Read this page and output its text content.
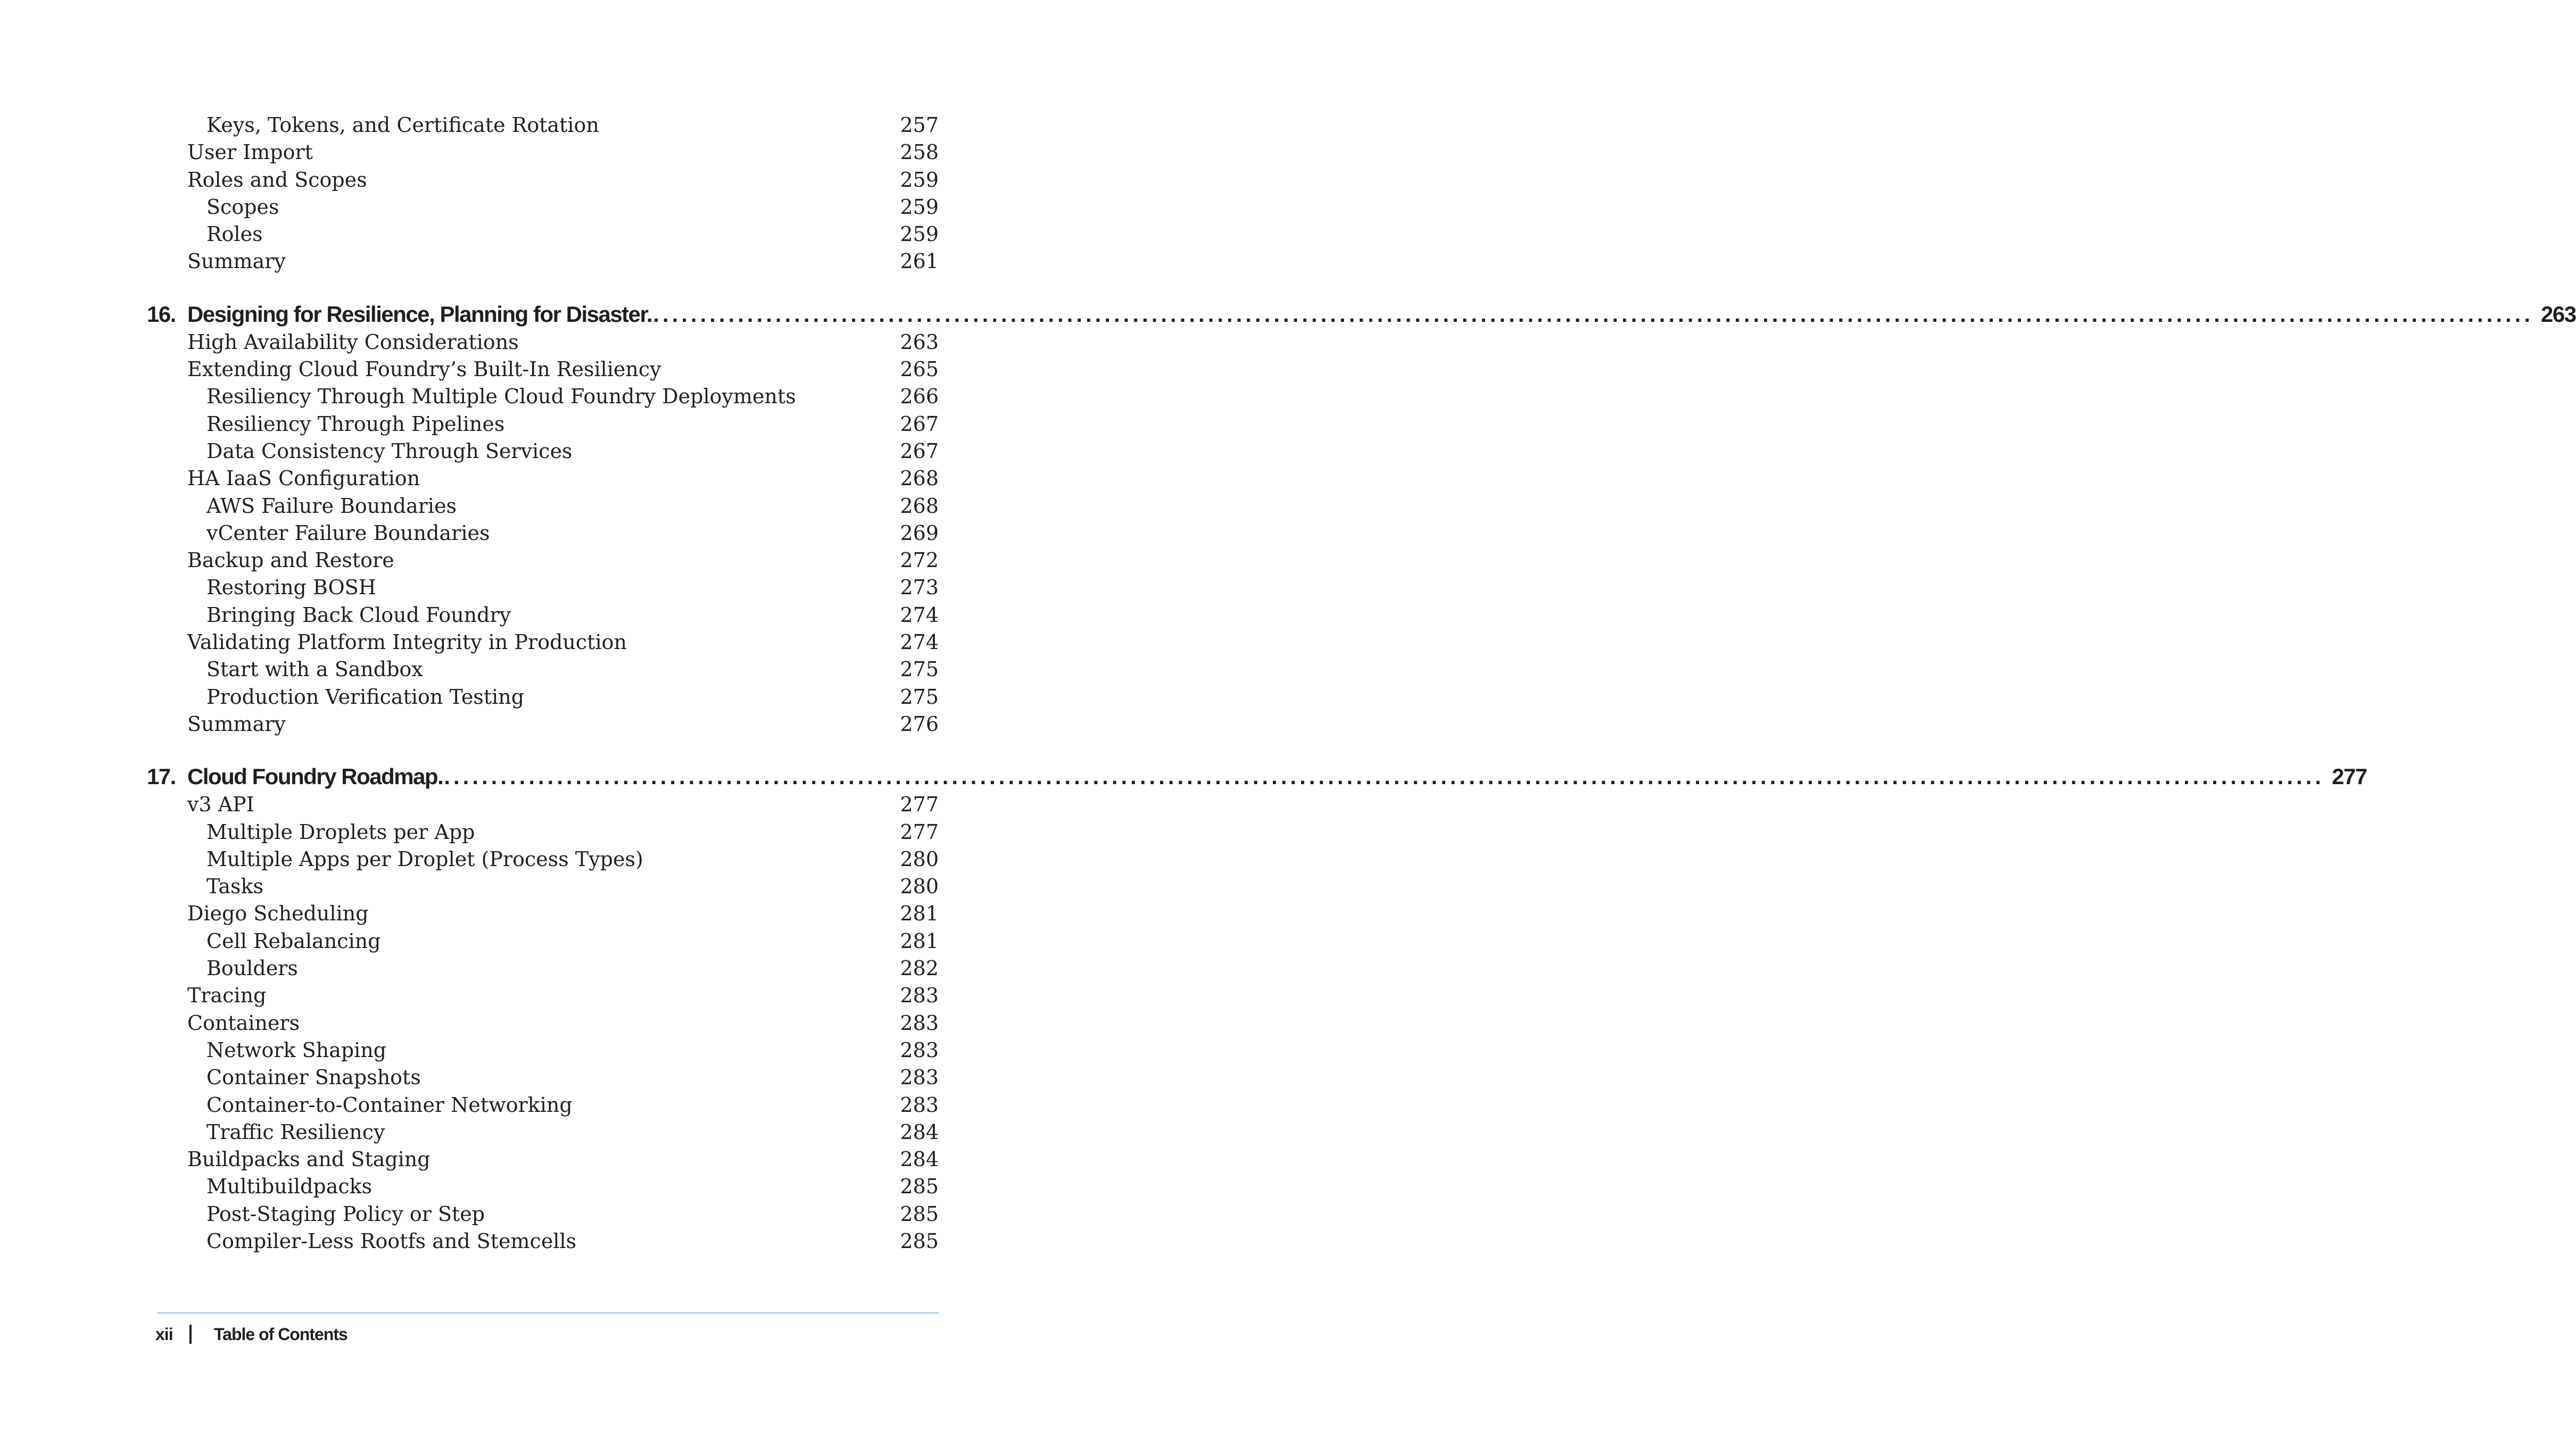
Keys, Tokens, and Certificate Rotation	257
User Import	258
Roles and Scopes	259
Scopes	259
Roles	259
Summary	261
16. Designing for Resilience, Planning for Disaster. ........................................................................................................................................................................................................ 263
High Availability Considerations	263
Extending Cloud Foundry’s Built-In Resiliency	265
Resiliency Through Multiple Cloud Foundry Deployments	266
Resiliency Through Pipelines	267
Data Consistency Through Services	267
HA IaaS Configuration	268
AWS Failure Boundaries	268
vCenter Failure Boundaries	269
Backup and Restore	272
Restoring BOSH	273
Bringing Back Cloud Foundry	274
Validating Platform Integrity in Production	274
Start with a Sandbox	275
Production Verification Testing	275
Summary	276
17. Cloud Foundry Roadmap. ........................................................................................................................................................................................................ 277
v3 API	277
Multiple Droplets per App	277
Multiple Apps per Droplet (Process Types)	280
Tasks	280
Diego Scheduling	281
Cell Rebalancing	281
Boulders	282
Tracing	283
Containers	283
Network Shaping	283
Container Snapshots	283
Container-to-Container Networking	283
Traffic Resiliency	284
Buildpacks and Staging	284
Multibuildpacks	285
Post-Staging Policy or Step	285
Compiler-Less Rootfs and Stemcells	285
xii Table of Contents
